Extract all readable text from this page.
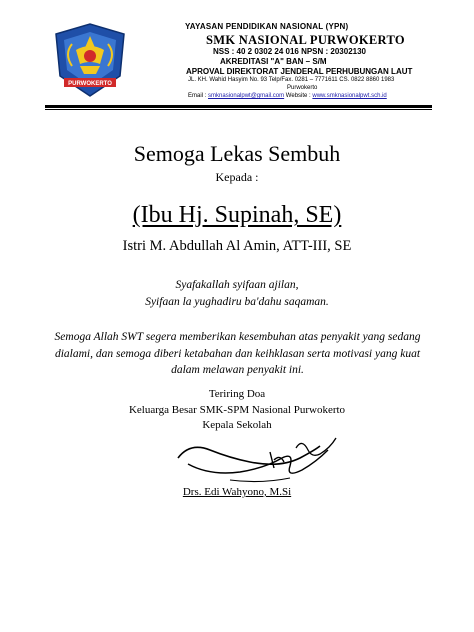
PURWOKERTO
YAYASAN PENDIDIKAN NASIONAL (YPN)
SMK NASIONAL PURWOKERTO
NSS : 40 2 0302 24 016 NPSN : 20302130
AKREDITASI "A" BAN – S/M
APROVAL DIREKTORAT JENDERAL PERHUBUNGAN LAUT
JL. KH. Wahid Hasyim No. 93 Telp/Fax. 0281 – 7771611 CS. 0822 8860 1983
Purwokerto
Email : smknasionalpwt@gmail.com Website : www.smknasionalpwt.sch.id
Semoga Lekas Sembuh
Kepada :
(Ibu Hj. Supinah, SE)
Istri M. Abdullah Al Amin, ATT-III, SE
Syafakallah syifaan ajilan,
Syifaan la yughadiru ba'dahu saqaman.
Semoga Allah SWT segera memberikan kesembuhan atas penyakit yang sedang dialami, dan semoga diberi ketabahan dan keihklasan serta motivasi yang kuat dalam melawan penyakit ini.
Teriring Doa
Keluarga Besar SMK-SPM Nasional Purwokerto
Kepala Sekolah
Drs. Edi Wahyono, M.Si
